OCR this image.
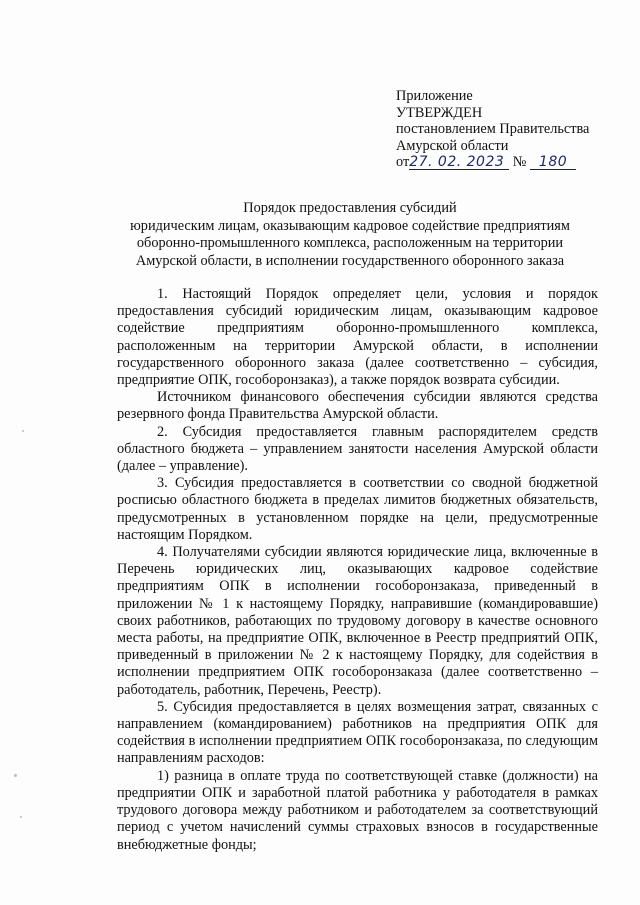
Приложение
УТВЕРЖДЕН
постановлением Правительства
Амурской области
от27. 02. 2023 № 180
Порядок предоставления субсидий
юридическим лицам, оказывающим кадровое содействие предприятиям
оборонно-промышленного комплекса, расположенным на территории
Амурской области, в исполнении государственного оборонного заказа

1. Настоящий Порядок определяет цели, условия и порядок предоставления субсидий юридическим лицам, оказывающим кадровое содействие предприятиям оборонно-промышленного комплекса, расположенным на территории Амурской области, в исполнении государственного оборонного заказа (далее соответственно – субсидия, предприятие ОПК, гособоронзаказ), а также порядок возврата субсидии.

Источником финансового обеспечения субсидии являются средства резервного фонда Правительства Амурской области.

2. Субсидия предоставляется главным распорядителем средств областного бюджета – управлением занятости населения Амурской области (далее – управление).

3. Субсидия предоставляется в соответствии со сводной бюджетной росписью областного бюджета в пределах лимитов бюджетных обязательств, предусмотренных в установленном порядке на цели, предусмотренные настоящим Порядком.

4. Получателями субсидии являются юридические лица, включенные в Перечень юридических лиц, оказывающих кадровое содействие предприятиям ОПК в исполнении гособоронзаказа, приведенный в приложении № 1 к настоящему Порядку, направившие (командировавшие) своих работников, работающих по трудовому договору в качестве основного места работы, на предприятие ОПК, включенное в Реестр предприятий ОПК, приведенный в приложении № 2 к настоящему Порядку, для содействия в исполнении предприятием ОПК гособоронзаказа (далее соответственно – работодатель, работник, Перечень, Реестр).

5. Субсидия предоставляется в целях возмещения затрат, связанных с направлением (командированием) работников на предприятия ОПК для содействия в исполнении предприятием ОПК гособоронзаказа, по следующим направлениям расходов:

1) разница в оплате труда по соответствующей ставке (должности) на предприятии ОПК и заработной платой работника у работодателя в рамках трудового договора между работником и работодателем за соответствующий период с учетом начислений суммы страховых взносов в государственные внебюджетные фонды;
